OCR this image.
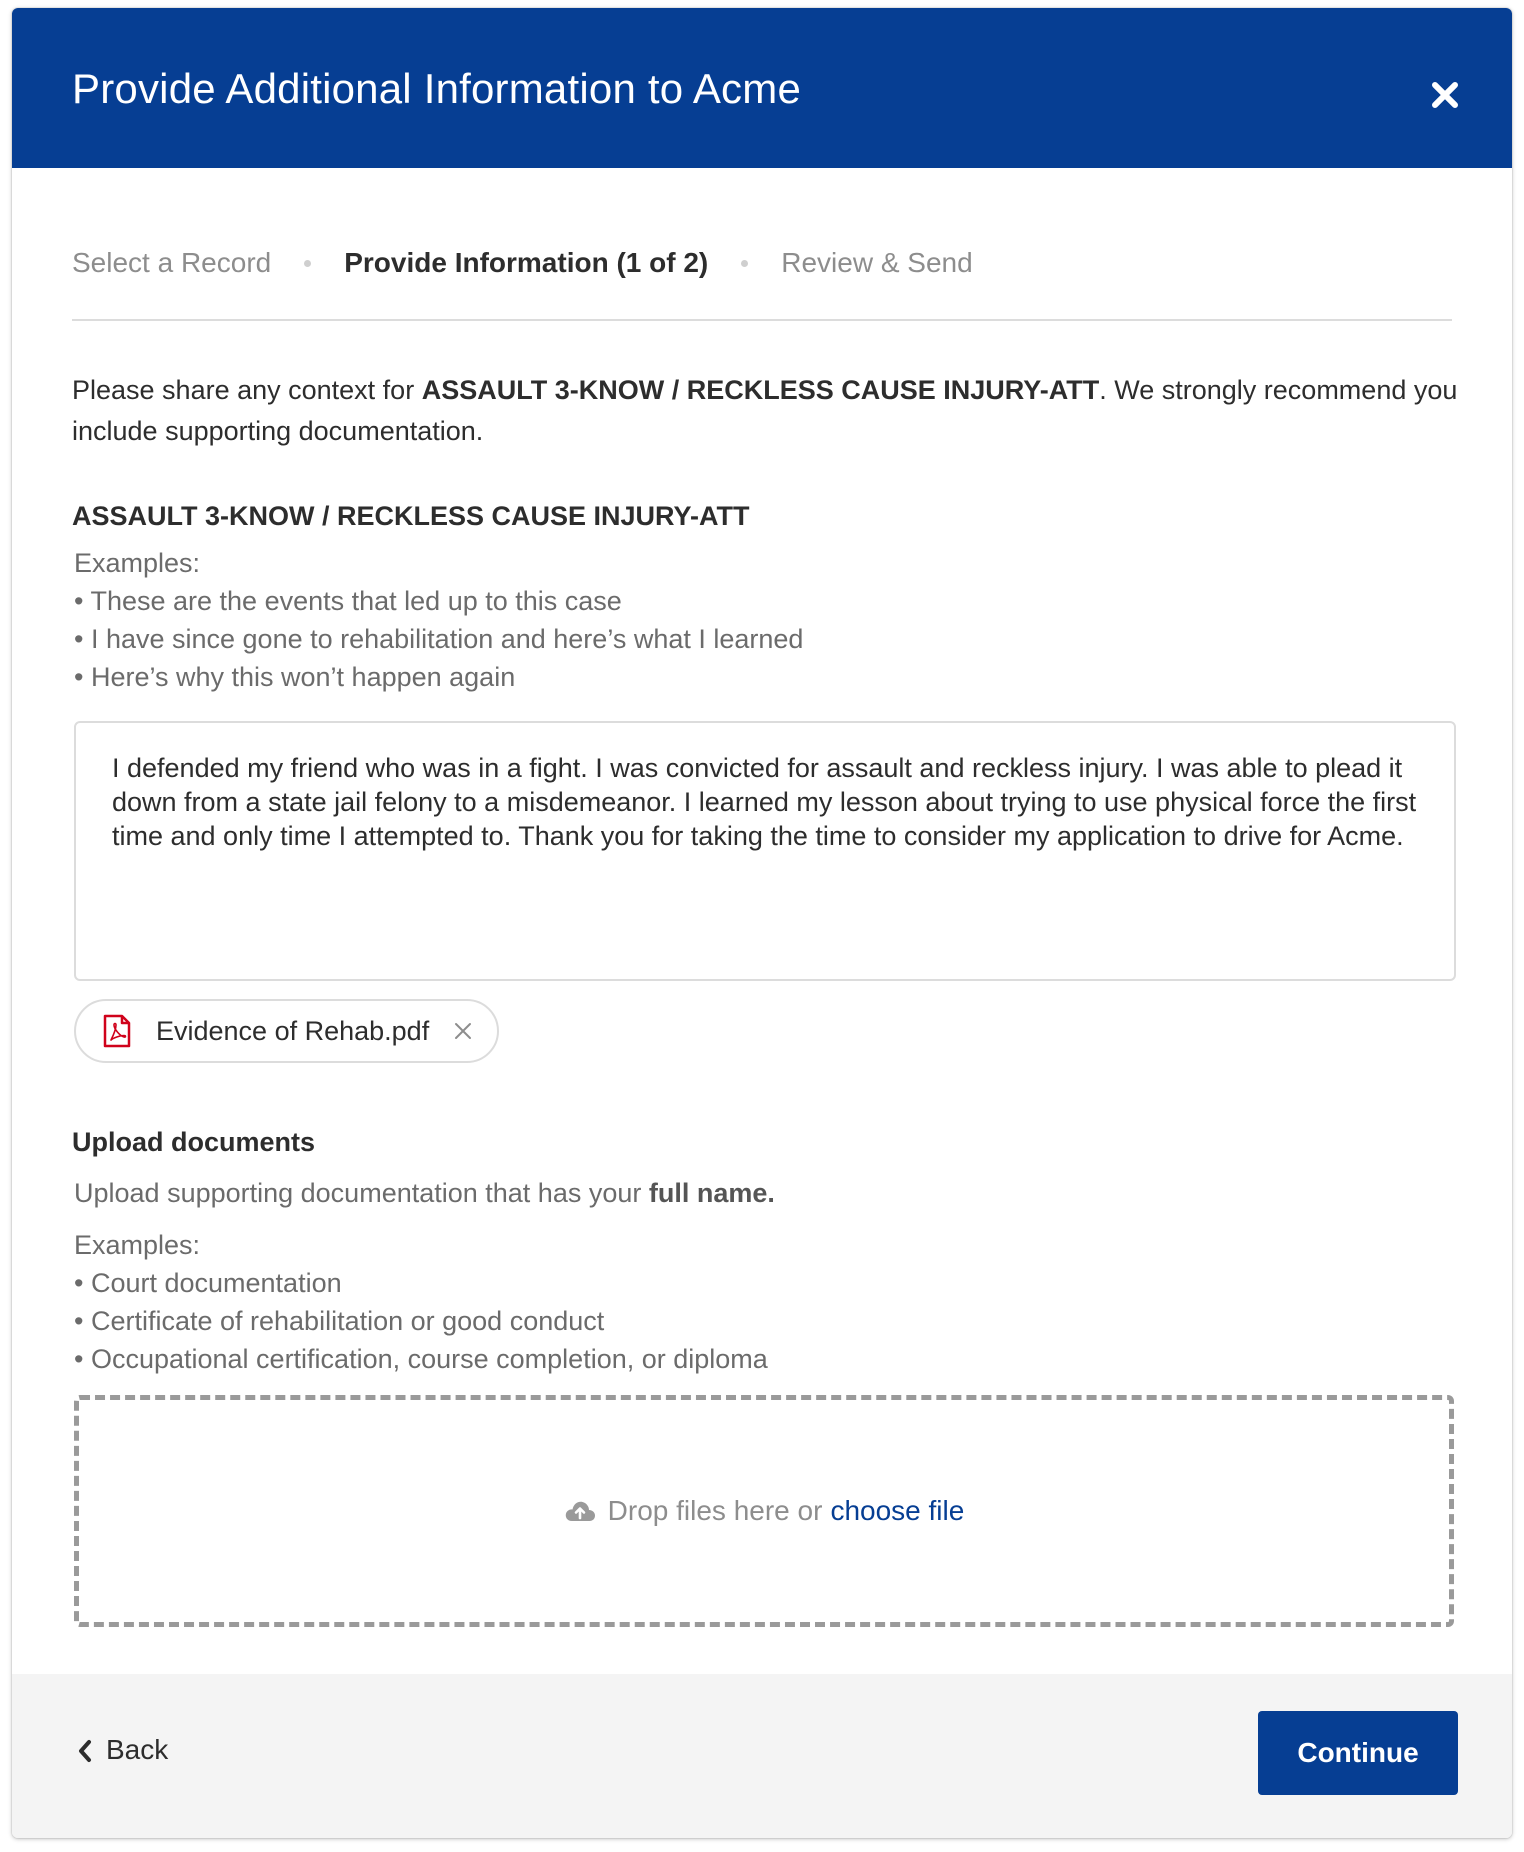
Provide Additional Information to Acme
Select a Record	Provide Information (1 of 2)	Review & Send

Please share any context for ASSAULT 3-KNOW / RECKLESS CAUSE INJURY-ATT. We strongly recommend you include supporting documentation.

ASSAULT 3-KNOW / RECKLESS CAUSE INJURY-ATT

Examples:

• These are the events that led up to this case

• I have since gone to rehabilitation and here’s what I learned

• Here’s why this won’t happen again

I defended my friend who was in a fight. I was convicted for assault and reckless injury. I was able to plead it down from a state jail felony to a misdemeanor. I learned my lesson about trying to use physical force the first time and only time I attempted to. Thank you for taking the time to consider my application to drive for Acme.
Evidence of Rehab.pdf
Upload documents

Upload supporting documentation that has your full name.

Examples:

• Court documentation

• Certificate of rehabilitation or good conduct

• Occupational certification, course completion, or diploma

Drop files here or choose file
Back	Continue
